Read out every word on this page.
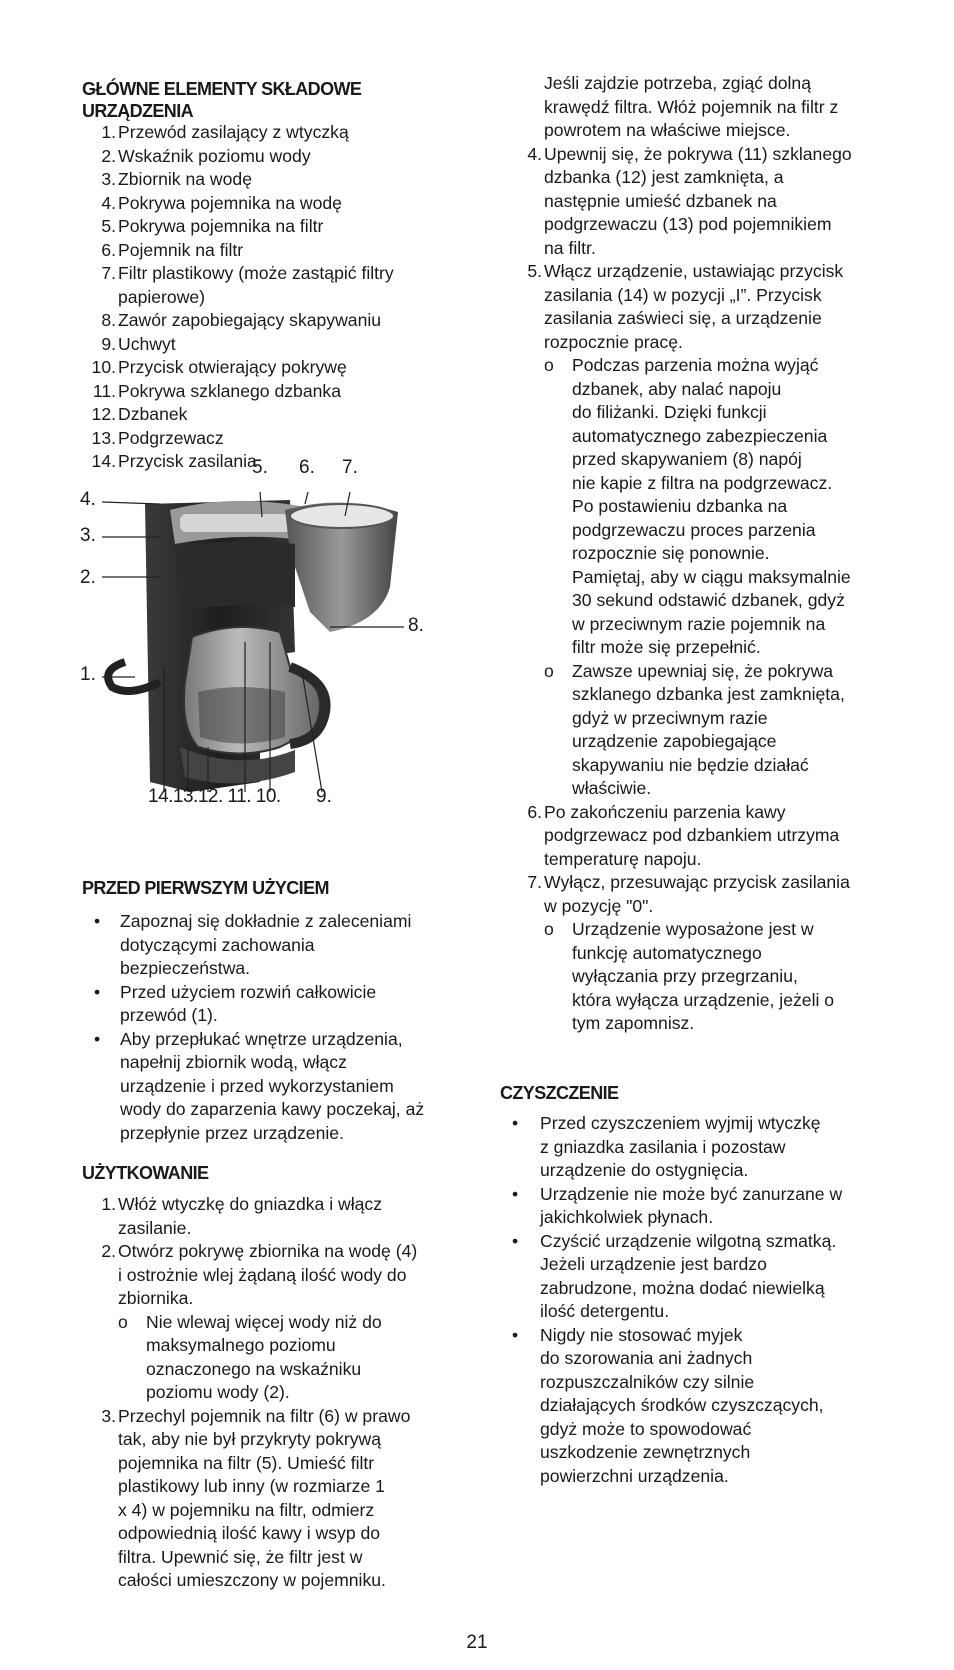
GŁÓWNE ELEMENTY SKŁADOWE
URZĄDZENIA
1. Przewód zasilający z wtyczką
2. Wskaźnik poziomu wody
3. Zbiornik na wodę
4. Pokrywa pojemnika na wodę
5. Pokrywa pojemnika na filtr
6. Pojemnik na filtr
7. Filtr plastikowy (może zastąpić filtry
papierowe)
8. Zawór zapobiegający skapywaniu
9. Uchwyt
10. Przycisk otwierający pokrywę
11. Pokrywa szklanego dzbanka
12. Dzbanek
13. Podgrzewacz
14. Przycisk zasilania
PRZED PIERWSZYM UŻYCIEM
• Zapoznaj się dokładnie z zaleceniami
dotyczącymi zachowania
bezpieczeństwa.
• Przed użyciem rozwiń całkowicie
przewód (1).
• Aby przepłukać wnętrze urządzenia,
napełnij zbiornik wodą, włącz
urządzenie i przed wykorzystaniem
wody do zaparzenia kawy poczekaj, aż
przepłynie przez urządzenie.
UŻYTKOWANIE
1. Włóż wtyczkę do gniazdka i włącz
zasilanie.
2. Otwórz pokrywę zbiornika na wodę (4)
i ostrożnie wlej żądaną ilość wody do
zbiornika.
o Nie wlewaj więcej wody niż do
maksymalnego poziomu
oznaczonego na wskaźniku
poziomu wody (2).
3. Przechyl pojemnik na filtr (6) w prawo
tak, aby nie był przykryty pokrywą
pojemnika na filtr (5). Umieść filtr
plastikowy lub inny (w rozmiarze 1
x 4) w pojemniku na filtr, odmierz
odpowiednią ilość kawy i wsyp do
filtra. Upewnić się, że filtr jest w
całości umieszczony w pojemniku.
5. 6. 7.
4.
3.
2.
8.
1.
14.13.12. 11. 10. 9.
Jeśli zajdzie potrzeba, zgiąć dolną
krawędź filtra. Włóż pojemnik na filtr z
powrotem na właściwe miejsce.
4. Upewnij się, że pokrywa (11) szklanego
dzbanka (12) jest zamknięta, a
następnie umieść dzbanek na
podgrzewaczu (13) pod pojemnikiem
na filtr.
5. Włącz urządzenie, ustawiając przycisk
zasilania (14) w pozycji „I”. Przycisk
zasilania zaświeci się, a urządzenie
rozpocznie pracę.
o Podczas parzenia można wyjąć
dzbanek, aby nalać napoju
do filiżanki. Dzięki funkcji
automatycznego zabezpieczenia
przed skapywaniem (8) napój
nie kapie z filtra na podgrzewacz.
Po postawieniu dzbanka na
podgrzewaczu proces parzenia
rozpocznie się ponownie.
Pamiętaj, aby w ciągu maksymalnie
30 sekund odstawić dzbanek, gdyż
w przeciwnym razie pojemnik na
filtr może się przepełnić.
o Zawsze upewniaj się, że pokrywa
szklanego dzbanka jest zamknięta,
gdyż w przeciwnym razie
urządzenie zapobiegające
skapywaniu nie będzie działać
właściwie.
6. Po zakończeniu parzenia kawy
podgrzewacz pod dzbankiem utrzyma
temperaturę napoju.
7. Wyłącz, przesuwając przycisk zasilania
w pozycję "0".
o Urządzenie wyposażone jest w
funkcję automatycznego
wyłączania przy przegrzaniu,
która wyłącza urządzenie, jeżeli o
tym zapomnisz.
CZYSZCZENIE
• Przed czyszczeniem wyjmij wtyczkę
z gniazdka zasilania i pozostaw
urządzenie do ostygnięcia.
• Urządzenie nie może być zanurzane w
jakichkolwiek płynach.
• Czyścić urządzenie wilgotną szmatką.
Jeżeli urządzenie jest bardzo
zabrudzone, można dodać niewielką
ilość detergentu.
• Nigdy nie stosować myjek
do szorowania ani żadnych
rozpuszczalników czy silnie
działających środków czyszczących,
gdyż może to spowodować
uszkodzenie zewnętrznych
powierzchni urządzenia.
21
